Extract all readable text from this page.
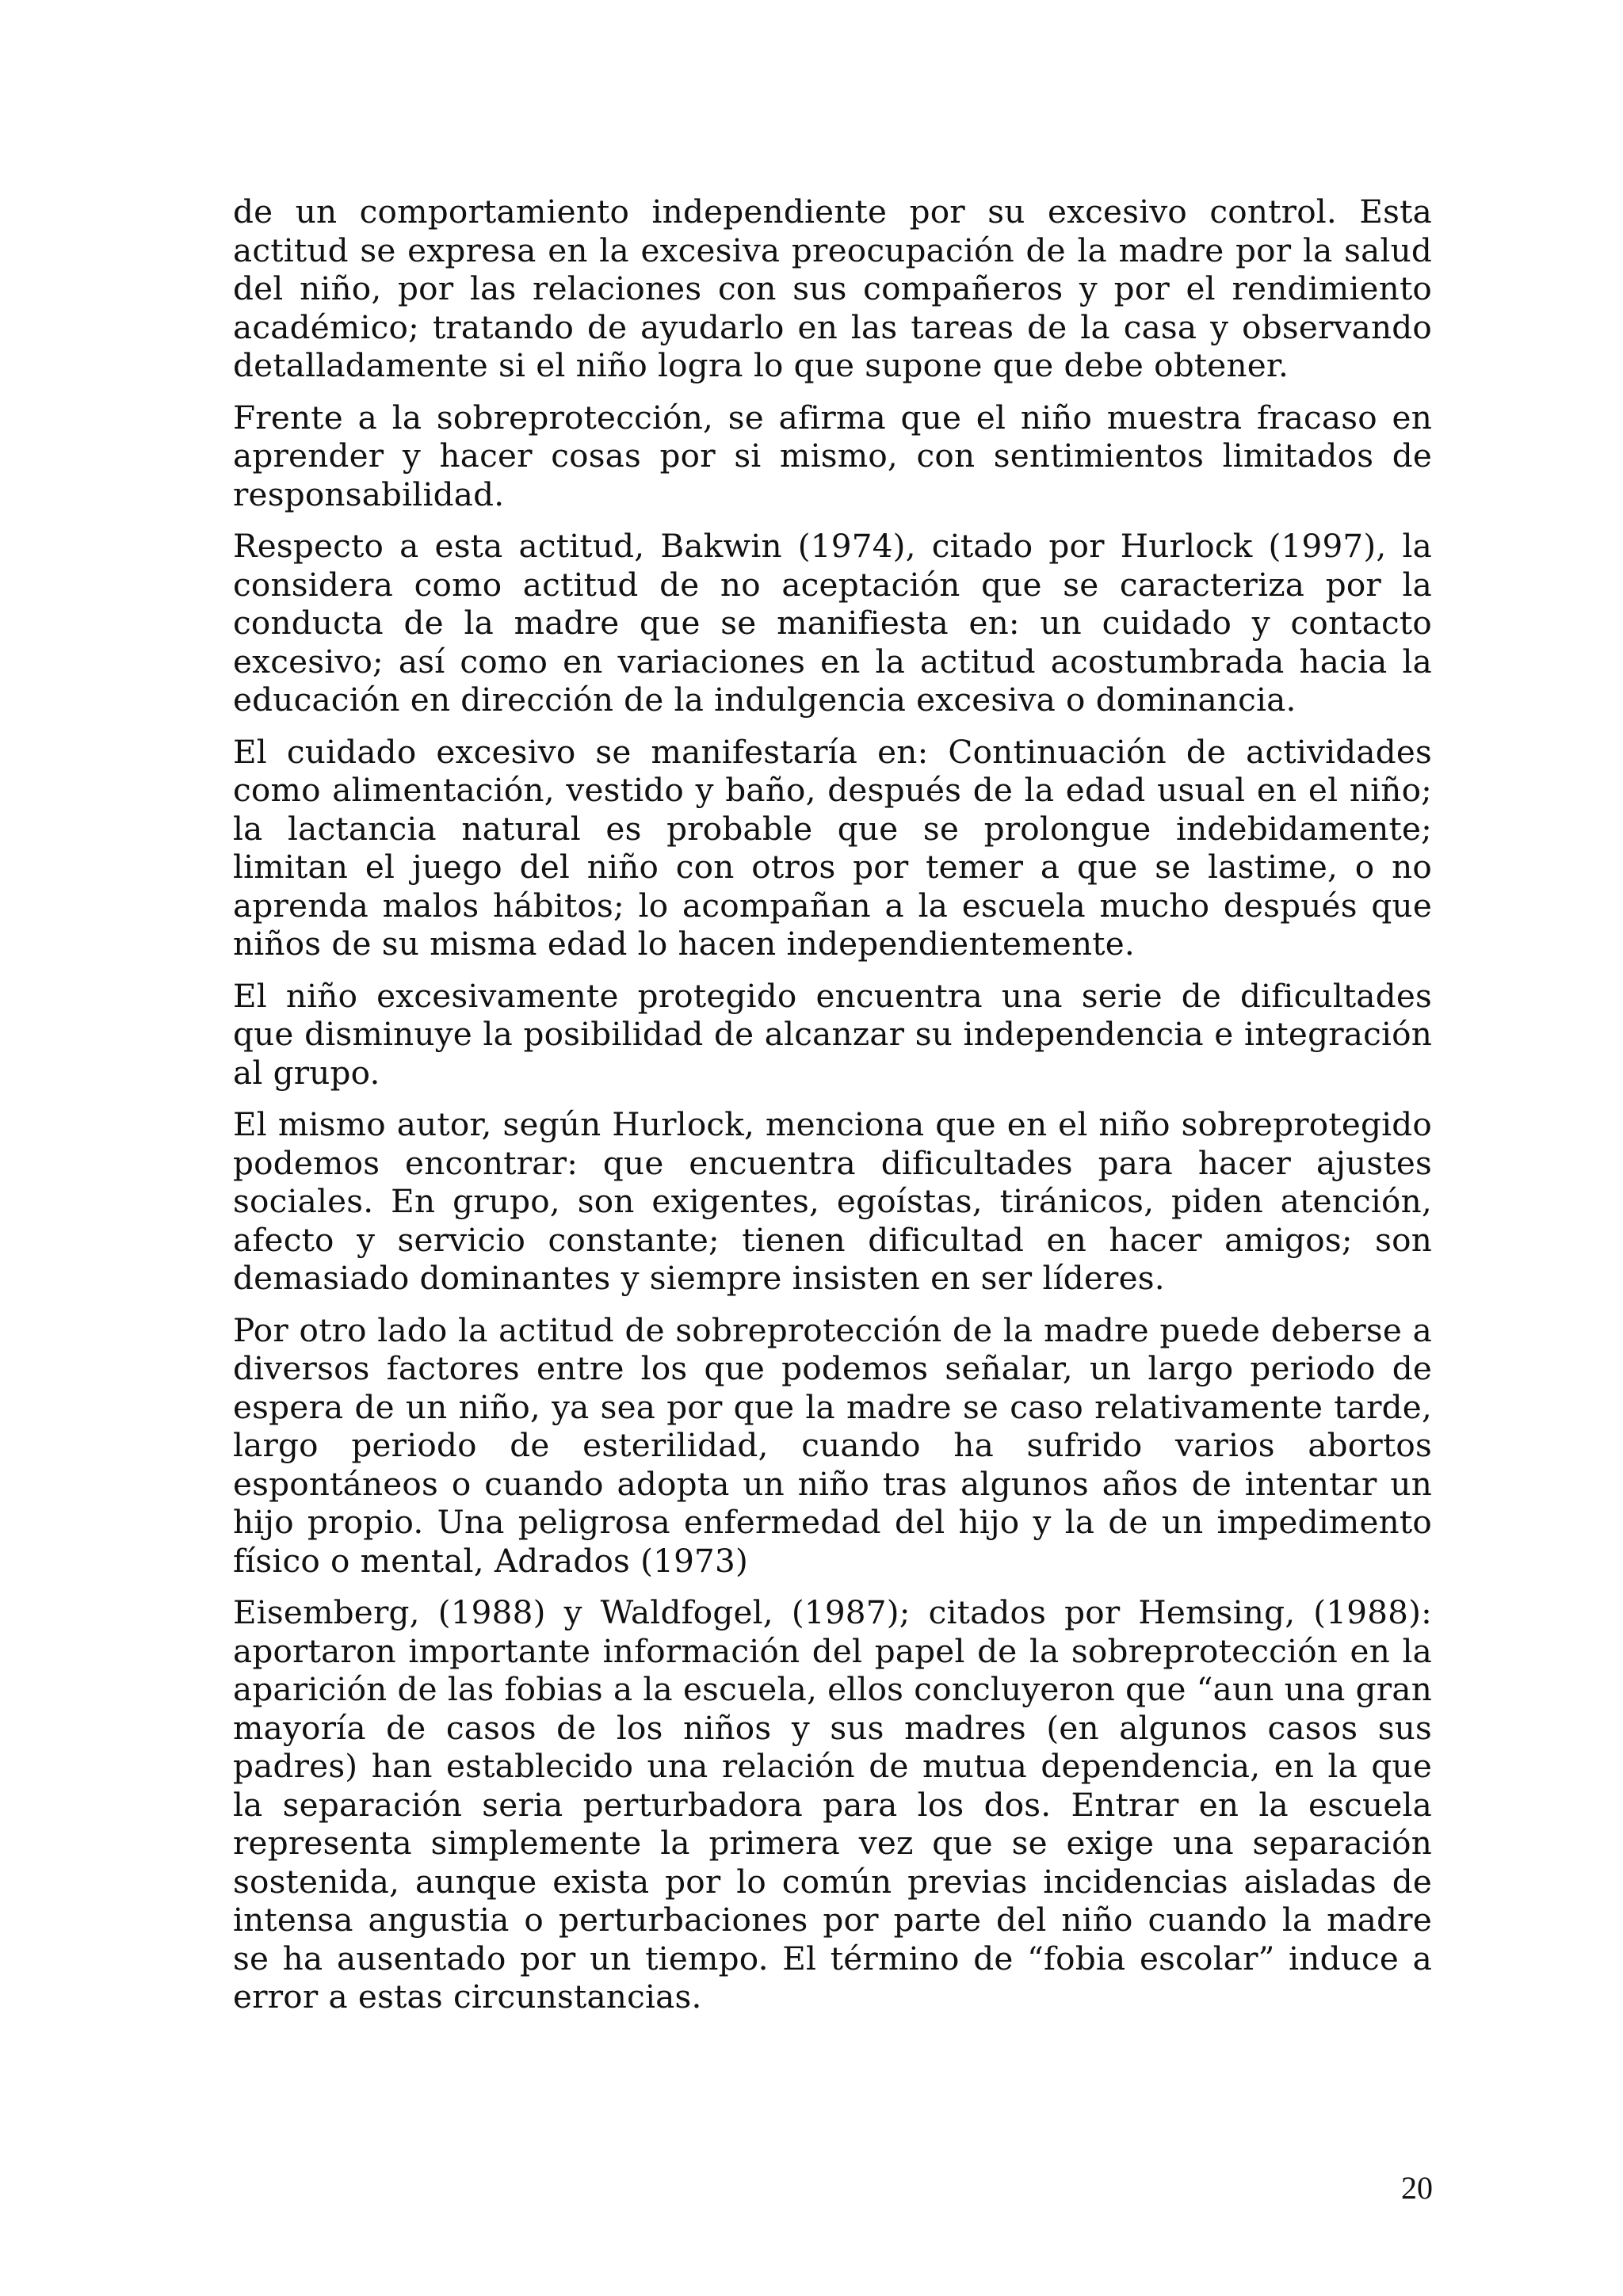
de un comportamiento independiente por su excesivo control. Esta actitud se expresa en la excesiva preocupación de la madre por la salud del niño, por las relaciones con sus compañeros y por el rendimiento académico; tratando de ayudarlo en las tareas de la casa y observando detalladamente si el niño logra lo que supone que debe obtener.

Frente a la sobreprotección, se afirma que el niño muestra fracaso en aprender y hacer cosas por si mismo, con sentimientos limitados de responsabilidad.

Respecto a esta actitud, Bakwin (1974), citado por Hurlock (1997), la considera como actitud de no aceptación que se caracteriza por la conducta de la madre que se manifiesta en: un cuidado y contacto excesivo; así como en variaciones en la actitud acostumbrada hacia la educación en dirección de la indulgencia excesiva o dominancia.

El cuidado excesivo se manifestaría en: Continuación de actividades como alimentación, vestido y baño, después de la edad usual en el niño; la lactancia natural es probable que se prolongue indebidamente; limitan el juego del niño con otros por temer a que se lastime, o no aprenda malos hábitos; lo acompañan a la escuela mucho después que niños de su misma edad lo hacen independientemente.

El niño excesivamente protegido encuentra una serie de dificultades que disminuye la posibilidad de alcanzar su independencia e integración al grupo.

El mismo autor, según Hurlock, menciona que en el niño sobreprotegido podemos encontrar: que encuentra dificultades para hacer ajustes sociales. En grupo, son exigentes, egoístas, tiránicos, piden atención, afecto y servicio constante; tienen dificultad en hacer amigos; son demasiado dominantes y siempre insisten en ser líderes.

Por otro lado la actitud de sobreprotección de la madre puede deberse a diversos factores entre los que podemos señalar, un largo periodo de espera de un niño, ya sea por que la madre se caso relativamente tarde, largo periodo de esterilidad, cuando ha sufrido varios abortos espontáneos o cuando adopta un niño tras algunos años de intentar un hijo propio. Una peligrosa enfermedad del hijo y la de un impedimento físico o mental, Adrados (1973)

Eisemberg, (1988) y Waldfogel, (1987); citados por Hemsing, (1988): aportaron importante información del papel de la sobreprotección en la aparición de las fobias a la escuela, ellos concluyeron que “aun una gran mayoría de casos de los niños y sus madres (en algunos casos sus padres) han establecido una relación de mutua dependencia, en la que la separación seria perturbadora para los dos. Entrar en la escuela representa simplemente la primera vez que se exige una separación sostenida, aunque exista por lo común previas incidencias aisladas de intensa angustia o perturbaciones por parte del niño cuando la madre se ha ausentado por un tiempo. El término de “fobia escolar” induce a error a estas circunstancias.

20
